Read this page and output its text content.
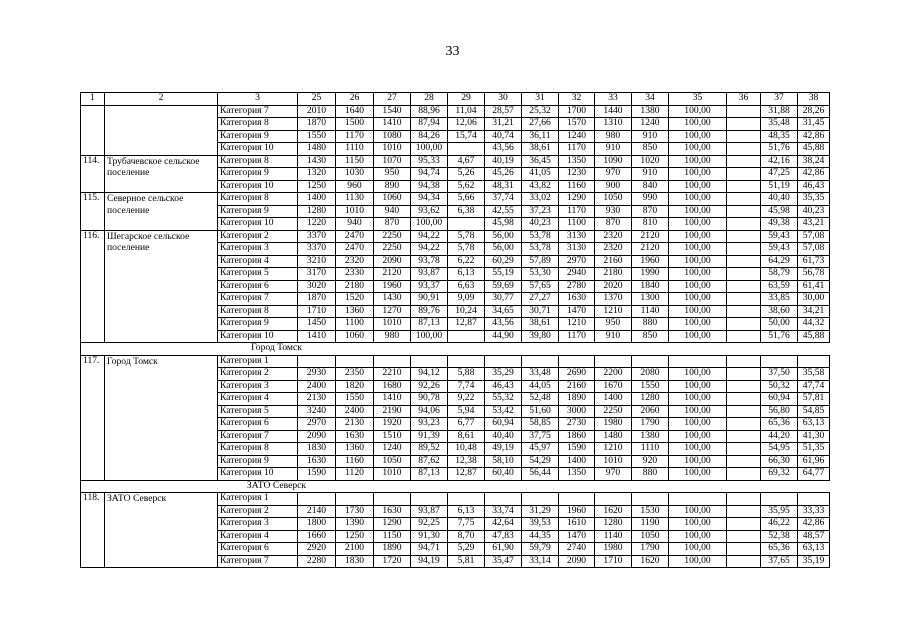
33
1	2	3	25	26	27	28	29	30	31	32	33	34	35	36	37	38
		Категория 7	2010	1640	1540	88,96	11,04	28,57	25,32	1700	1440	1380	100,00		31,88	28,26
		Категория 8	1870	1500	1410	87,94	12,06	31,21	27,66	1570	1310	1240	100,00		35,48	31,45
		Категория 9	1550	1170	1080	84,26	15,74	40,74	36,11	1240	980	910	100,00		48,35	42,86
		Категория 10	1480	1110	1010	100,00		43,56	38,61	1170	910	850	100,00		51,76	45,88
114.	Трубачевское сельское поселение	Категория 8	1430	1150	1070	95,33	4,67	40,19	36,45	1350	1090	1020	100,00		42,16	38,24
		Категория 9	1320	1030	950	94,74	5,26	45,26	41,05	1230	970	910	100,00		47,25	42,86
		Категория 10	1250	960	890	94,38	5,62	48,31	43,82	1160	900	840	100,00		51,19	46,43
115.	Северное сельское поселение	Категория 8	1400	1130	1060	94,34	5,66	37,74	33,02	1290	1050	990	100,00		40,40	35,35
		Категория 9	1280	1010	940	93,62	6,38	42,55	37,23	1170	930	870	100,00		45,98	40,23
		Категория 10	1220	940	870	100,00		45,98	40,23	1100	870	810	100,00		49,38	43,21
116.	Шегарское сельское поселение	Категория 2	3370	2470	2250	94,22	5,78	56,00	53,78	3130	2320	2120	100,00		59,43	57,08
		Категория 3	3370	2470	2250	94,22	5,78	56,00	53,78	3130	2320	2120	100,00		59,43	57,08
		Категория 4	3210	2320	2090	93,78	6,22	60,29	57,89	2970	2160	1960	100,00		64,29	61,73
		Категория 5	3170	2330	2120	93,87	6,13	55,19	53,30	2940	2180	1990	100,00		58,79	56,78
		Категория 6	3020	2180	1960	93,37	6,63	59,69	57,65	2780	2020	1840	100,00		63,59	61,41
		Категория 7	1870	1520	1430	90,91	9,09	30,77	27,27	1630	1370	1300	100,00		33,85	30,00
		Категория 8	1710	1360	1270	89,76	10,24	34,65	30,71	1470	1210	1140	100,00		38,60	34,21
		Категория 9	1450	1100	1010	87,13	12,87	43,56	38,61	1210	950	880	100,00		50,00	44,32
		Категория 10	1410	1060	980	100,00		44,90	39,80	1170	910	850	100,00		51,76	45,88
		Город Томск														
117.	Город Томск	Категория 1														
		Категория 2	2930	2350	2210	94,12	5,88	35,29	33,48	2690	2200	2080	100,00		37,50	35,58
		Категория 3	2400	1820	1680	92,26	7,74	46,43	44,05	2160	1670	1550	100,00		50,32	47,74
		Категория 4	2130	1550	1410	90,78	9,22	55,32	52,48	1890	1400	1280	100,00		60,94	57,81
		Категория 5	3240	2400	2190	94,06	5,94	53,42	51,60	3000	2250	2060	100,00		56,80	54,85
		Категория 6	2970	2130	1920	93,23	6,77	60,94	58,85	2730	1980	1790	100,00		65,36	63,13
		Категория 7	2090	1630	1510	91,39	8,61	40,40	37,75	1860	1480	1380	100,00		44,20	41,30
		Категория 8	1830	1360	1240	89,52	10,48	49,19	45,97	1590	1210	1110	100,00		54,95	51,35
		Категория 9	1630	1160	1050	87,62	12,38	58,10	54,29	1400	1010	920	100,00		66,30	61,96
		Категория 10	1590	1120	1010	87,13	12,87	60,40	56,44	1350	970	880	100,00		69,32	64,77
		ЗАТО Северск														
118.	ЗАТО Северск	Категория 1														
		Категория 2	2140	1730	1630	93,87	6,13	33,74	31,29	1960	1620	1530	100,00		35,95	33,33
		Категория 3	1800	1390	1290	92,25	7,75	42,64	39,53	1610	1280	1190	100,00		46,22	42,86
		Категория 4	1660	1250	1150	91,30	8,70	47,83	44,35	1470	1140	1050	100,00		52,38	48,57
		Категория 6	2920	2100	1890	94,71	5,29	61,90	59,79	2740	1980	1790	100,00		65,36	63,13
		Категория 7	2280	1830	1720	94,19	5,81	35,47	33,14	2090	1710	1620	100,00		37,65	35,19
